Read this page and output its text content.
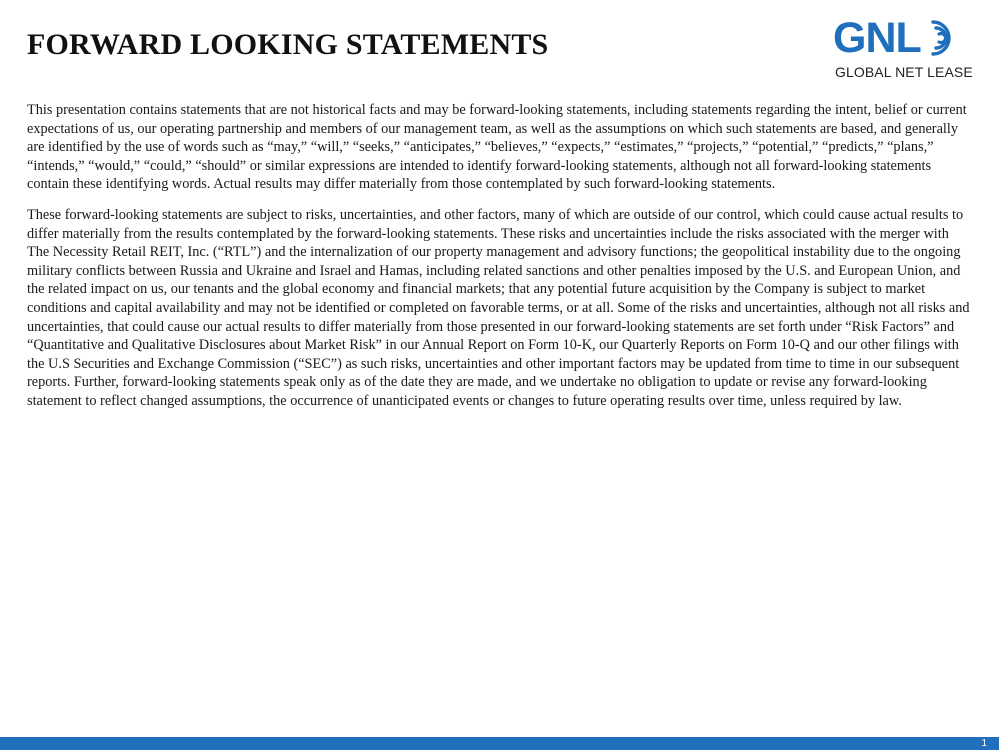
FORWARD LOOKING STATEMENTS	GNL
GLOBAL NET LEASE

This presentation contains statements that are not historical facts and may be forward-looking statements, including statements regarding the intent, belief or current expectations of us, our operating partnership and members of our management team, as well as the assumptions on which such statements are based, and generally are identified by the use of words such as “may,” “will,” “seeks,” “anticipates,” “believes,” “expects,” “estimates,” “projects,” “potential,” “predicts,” “plans,” “intends,” “would,” “could,” “should” or similar expressions are intended to identify forward-looking statements, although not all forward-looking statements contain these identifying words. Actual results may differ materially from those contemplated by such forward-looking statements.

These forward-looking statements are subject to risks, uncertainties, and other factors, many of which are outside of our control, which could cause actual results to differ materially from the results contemplated by the forward-looking statements. These risks and uncertainties include the risks associated with the merger with The Necessity Retail REIT, Inc. (“RTL”) and the internalization of our property management and advisory functions; the geopolitical instability due to the ongoing military conflicts between Russia and Ukraine and Israel and Hamas, including related sanctions and other penalties imposed by the U.S. and European Union, and the related impact on us, our tenants and the global economy and financial markets; that any potential future acquisition by the Company is subject to market conditions and capital availability and may not be identified or completed on favorable terms, or at all. Some of the risks and uncertainties, although not all risks and uncertainties, that could cause our actual results to differ materially from those presented in our forward-looking statements are set forth under “Risk Factors” and “Quantitative and Qualitative Disclosures about Market Risk” in our Annual Report on Form 10-K, our Quarterly Reports on Form 10-Q and our other filings with the U.S Securities and Exchange Commission (“SEC”) as such risks, uncertainties and other important factors may be updated from time to time in our subsequent reports. Further, forward-looking statements speak only as of the date they are made, and we undertake no obligation to update or revise any forward-looking statement to reflect changed assumptions, the occurrence of unanticipated events or changes to future operating results over time, unless required by law.

1
